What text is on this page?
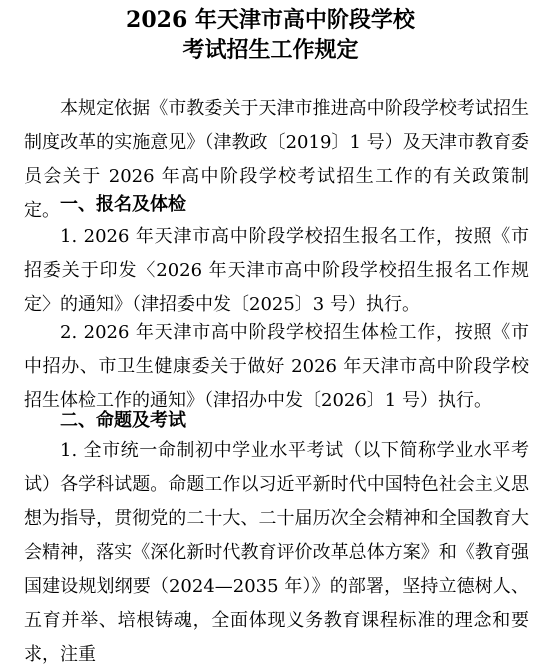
2026 年天津市高中阶段学校
考试招生工作规定

本规定依据《市教委关于天津市推进高中阶段学校考试招生制度改革的实施意见》（津教政〔2019〕1 号）及天津市教育委员会关于 2026 年高中阶段学校考试招生工作的有关政策制定。 一、报名及体检

1. 2026 年天津市高中阶段学校招生报名工作，按照《市招委关于印发〈2026 年天津市高中阶段学校招生报名工作规定〉的通知》（津招委中发〔2025〕3 号）执行。

2. 2026 年天津市高中阶段学校招生体检工作，按照《市中招办、市卫生健康委关于做好 2026 年天津市高中阶段学校招生体检工作的通知》（津招办中发〔2026〕1 号）执行。

二、命题及考试

1. 全市统一命制初中学业水平考试（以下简称学业水平考试）各学科试题。命题工作以习近平新时代中国特色社会主义思想为指导，贯彻党的二十大、二十届历次全会精神和全国教育大会精神，落实《深化新时代教育评价改革总体方案》和《教育强国建设规划纲要（2024—2035 年）》的部署，坚持立德树人、五育并举、培根铸魂，全面体现义务教育课程标准的理念和要求，注重
